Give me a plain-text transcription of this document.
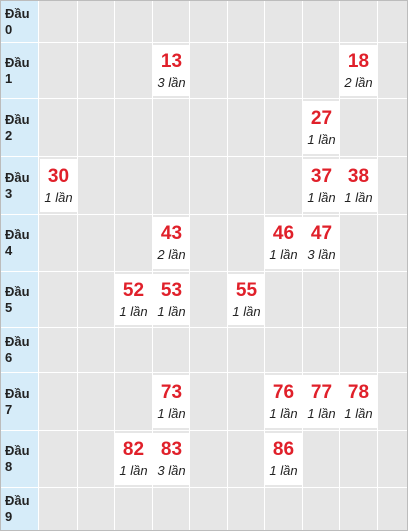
Đầu
0
Đầu
1
13
3 lần
18
2 lần
Đầu
2
27
1 lần
Đầu
3
30
1 lần
37
1 lần
38
1 lần
Đầu
4
43
2 lần
46
1 lần
47
3 lần
Đầu
5
52
1 lần
53
1 lần
55
1 lần
Đầu
6
Đầu
7
73
1 lần
76
1 lần
77
1 lần
78
1 lần
Đầu
8
82
1 lần
83
3 lần
86
1 lần
Đầu
9
